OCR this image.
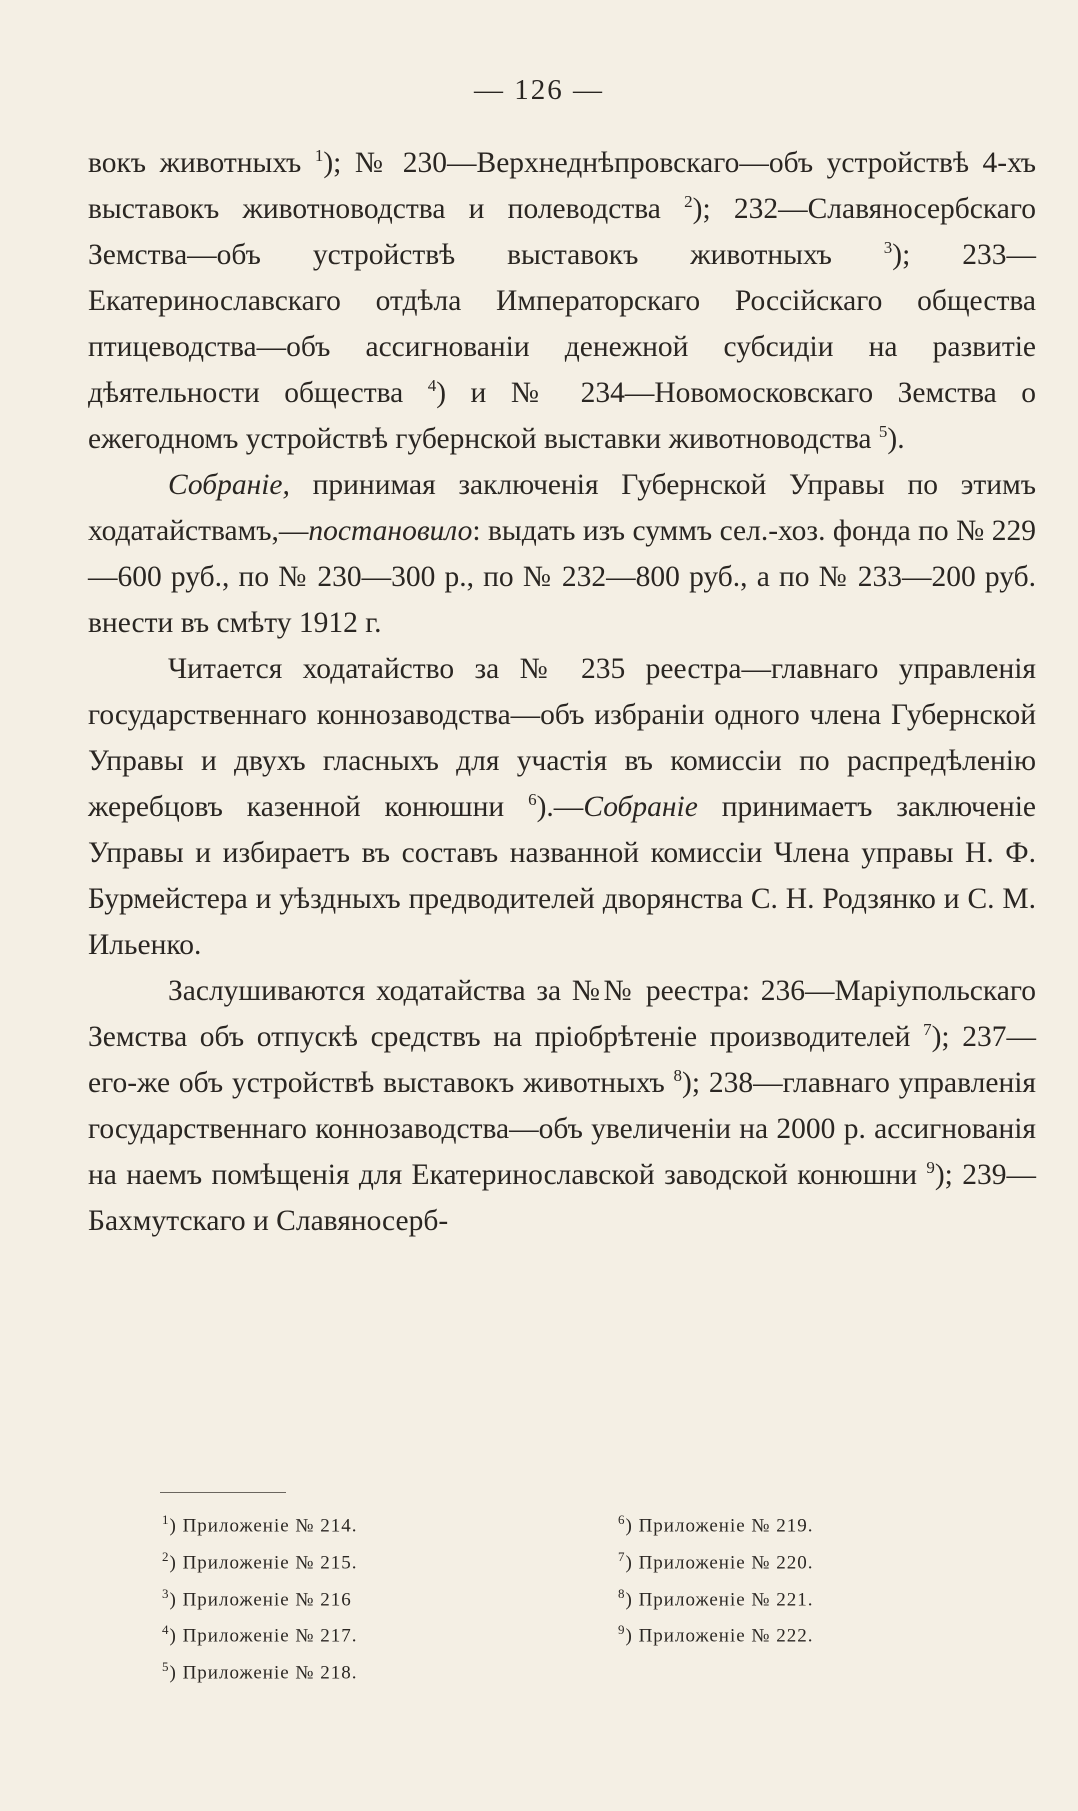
— 126 —

вокъ животныхъ $^1$); № 230—Верхнеднѣпровскаго—объ устройствѣ 4-хъ выставокъ животноводства и полеводства $^2$); 232—Славяносербскаго Земства—объ устройствѣ выставокъ животныхъ $^3$); 233—Екатеринославскаго отдѣла Императорскаго Россійскаго общества птицеводства—объ ассигнованіи денежной субсидіи на развитіе дѣятельности общества $^4$) и № 234—Новомосковскаго Земства о ежегодномъ устройствѣ губернской выставки животноводства $^5$).

Собраніе, принимая заключенія Губернской Управы по этимъ ходатайствамъ,—постановило: выдать изъ суммъ сел.-хоз. фонда по № 229—600 руб., по № 230—300 р., по № 232—800 руб., а по № 233—200 руб. внести въ смѣту 1912 г.

Читается ходатайство за № 235 реестра—главнаго управленія государственнаго коннозаводства—объ избраніи одного члена Губернской Управы и двухъ гласныхъ для участія въ комиссіи по распредѣленію жеребцовъ казенной конюшни $^6$).—Собраніе принимаетъ заключеніе Управы и избираетъ въ составъ названной комиссіи Члена управы Н. Ф. Бурмейстера и уѣздныхъ предводителей дворянства С. Н. Родзянко и С. М. Ильенко.

Заслушиваются ходатайства за №№ реестра: 236—Маріупольскаго Земства объ отпускѣ средствъ на пріобрѣтеніе производителей $^7$); 237—его-же объ устройствѣ выставокъ животныхъ $^8$); 238—главнаго управленія государственнаго коннозаводства—объ увеличеніи на 2000 р. ассигнованія на наемъ помѣщенія для Екатеринославской заводской конюшни $^9$); 239—Бахмутскаго и Славяносерб-

$^1$) Приложеніе № 214.
$^2$) Приложеніе № 215.
$^3$) Приложеніе № 216
$^4$) Приложеніе № 217.
$^5$) Приложеніе № 218.
$^6$) Приложеніе № 219.
$^7$) Приложеніе № 220.
$^8$) Приложеніе № 221.
$^9$) Приложеніе № 222.
